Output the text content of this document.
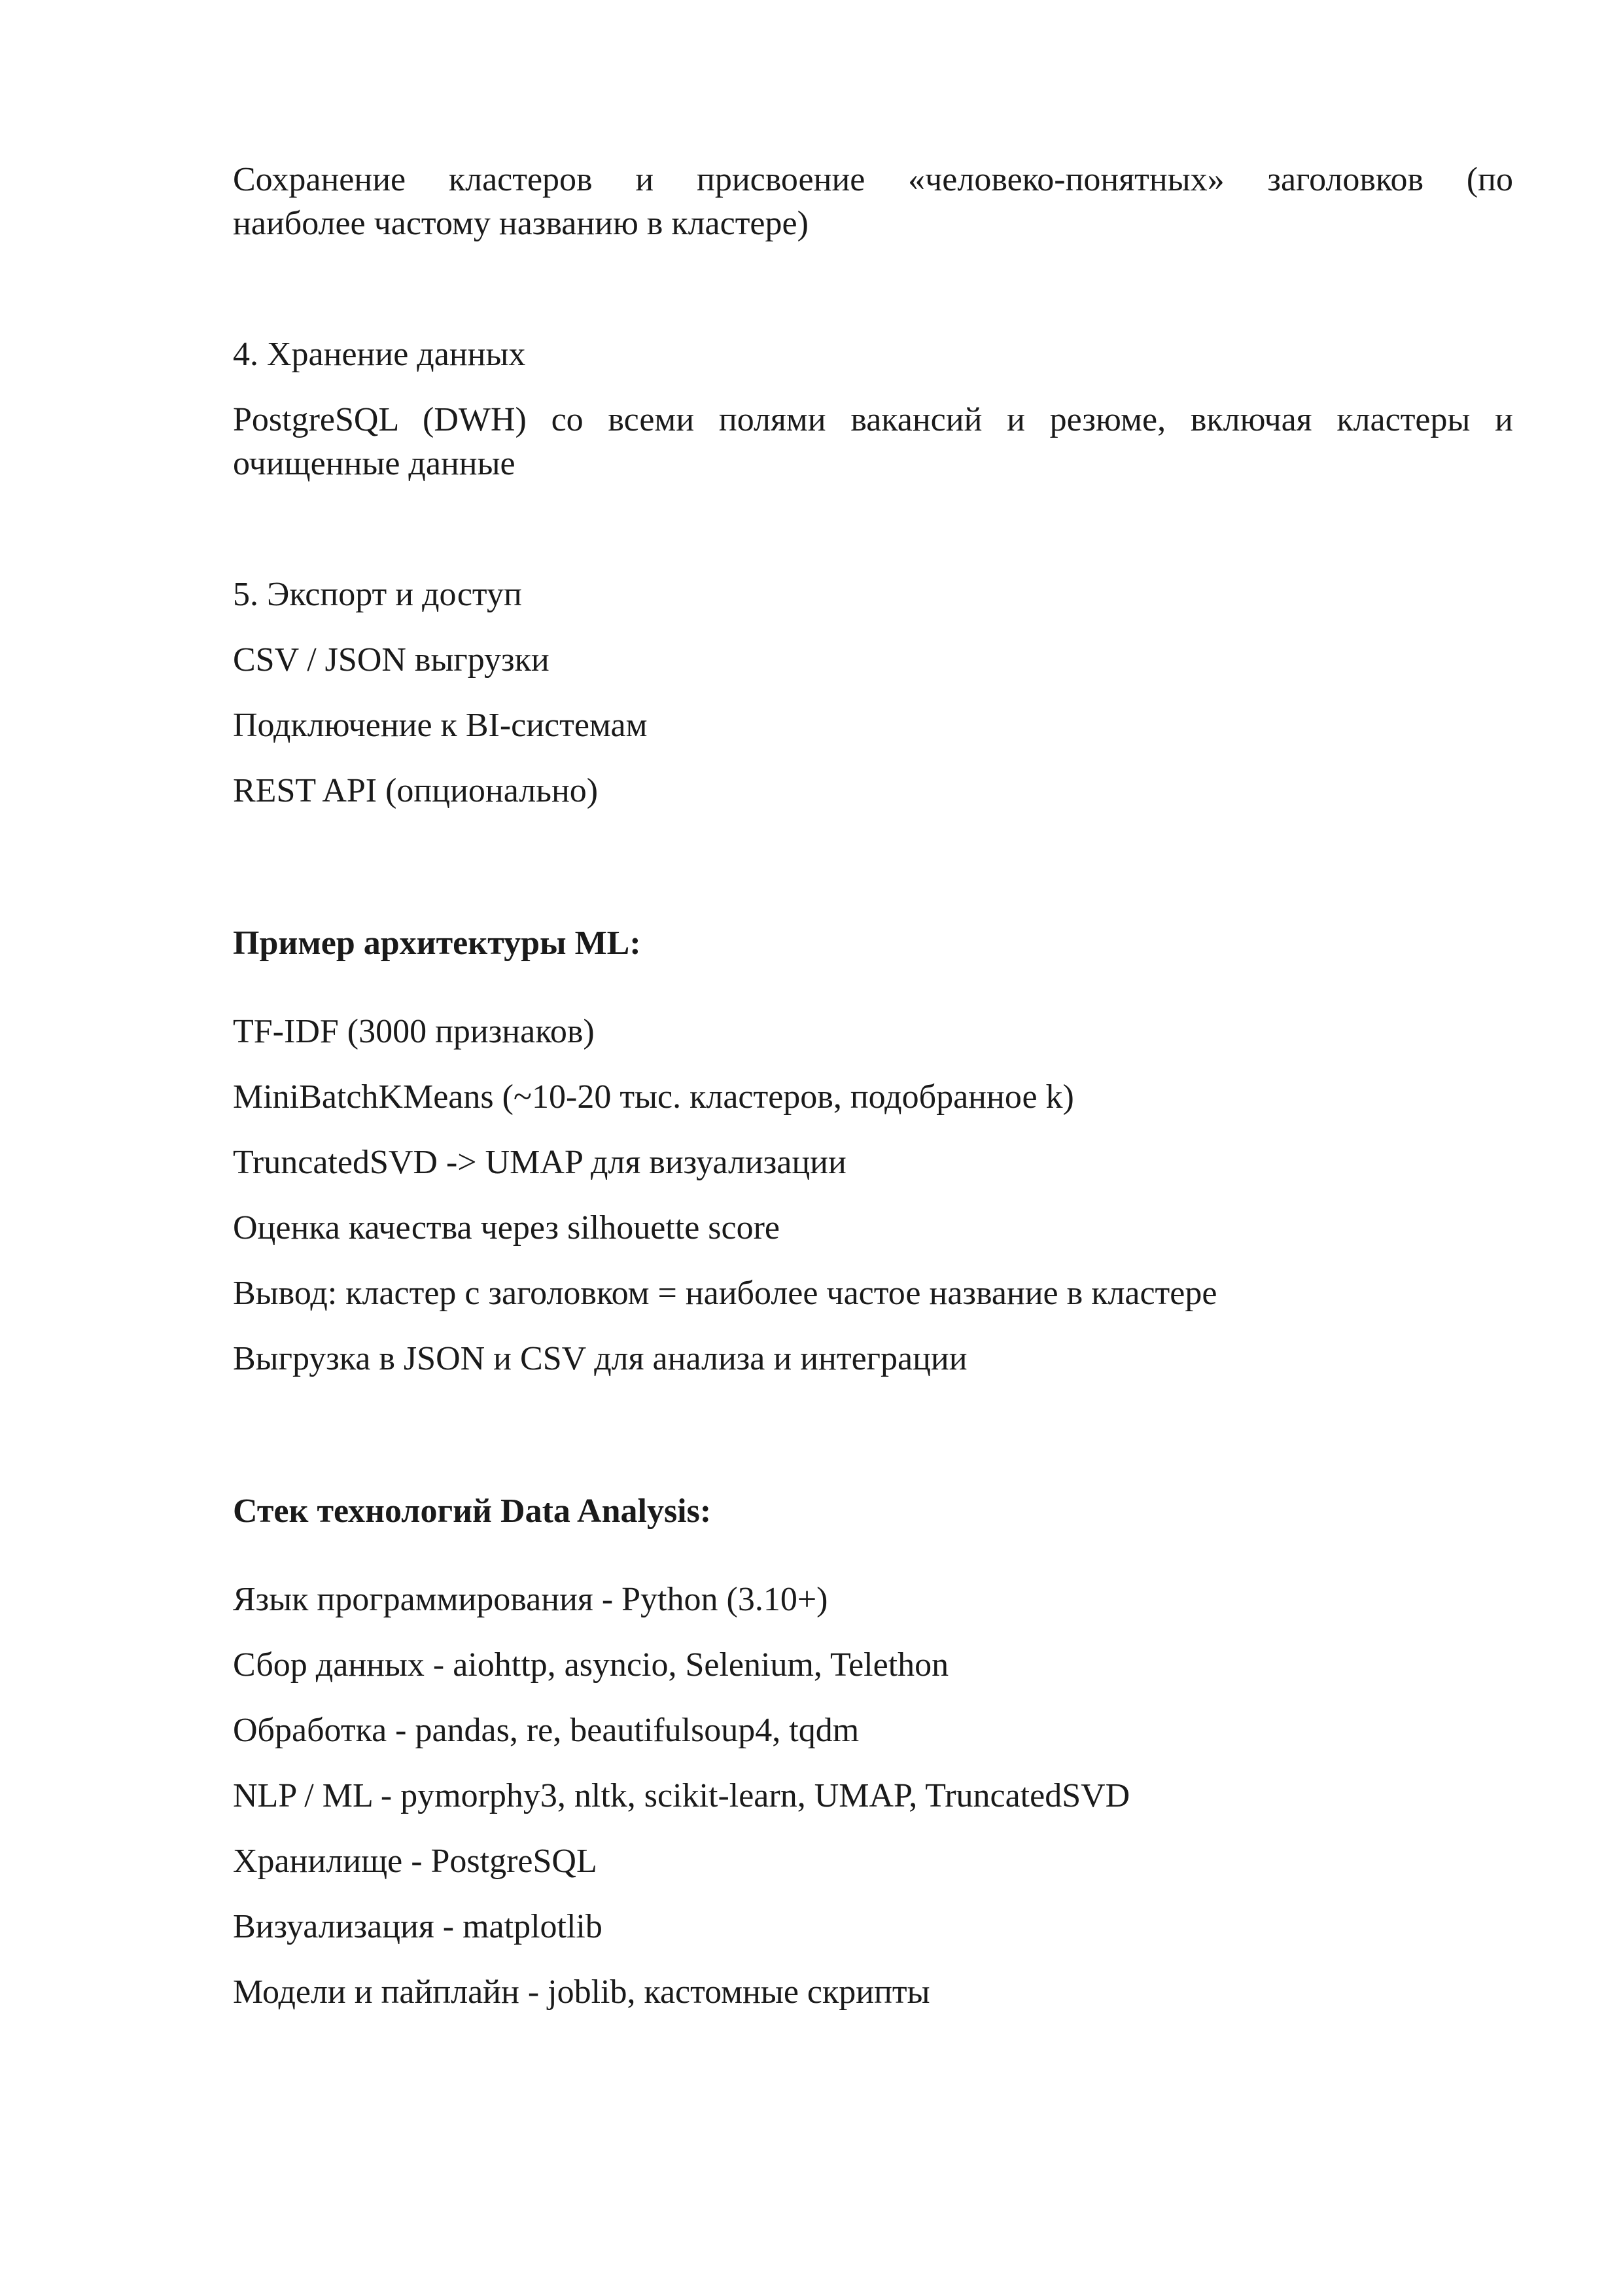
Сохранение кластеров и присвоение «человеко-понятных» заголовков (по
наиболее частому названию в кластере)
4. Хранение данных
PostgreSQL (DWH) со всеми полями вакансий и резюме, включая кластеры и
очищенные данные
5. Экспорт и доступ
CSV / JSON выгрузки
Подключение к BI-системам
REST API (опционально)
Пример архитектуры ML:
TF-IDF (3000 признаков)
MiniBatchKMeans (~10-20 тыс. кластеров, подобранное k)
TruncatedSVD -> UMAP для визуализации
Оценка качества через silhouette score
Вывод: кластер с заголовком = наиболее частое название в кластере
Выгрузка в JSON и CSV для анализа и интеграции
Стек технологий Data Analysis:
Язык программирования - Python (3.10+)
Сбор данных - aiohttp, asyncio, Selenium, Telethon
Обработка - pandas, re, beautifulsoup4, tqdm
NLP / ML - pymorphy3, nltk, scikit-learn, UMAP, TruncatedSVD
Хранилище - PostgreSQL
Визуализация - matplotlib
Модели и пайплайн - joblib, кастомные скрипты
